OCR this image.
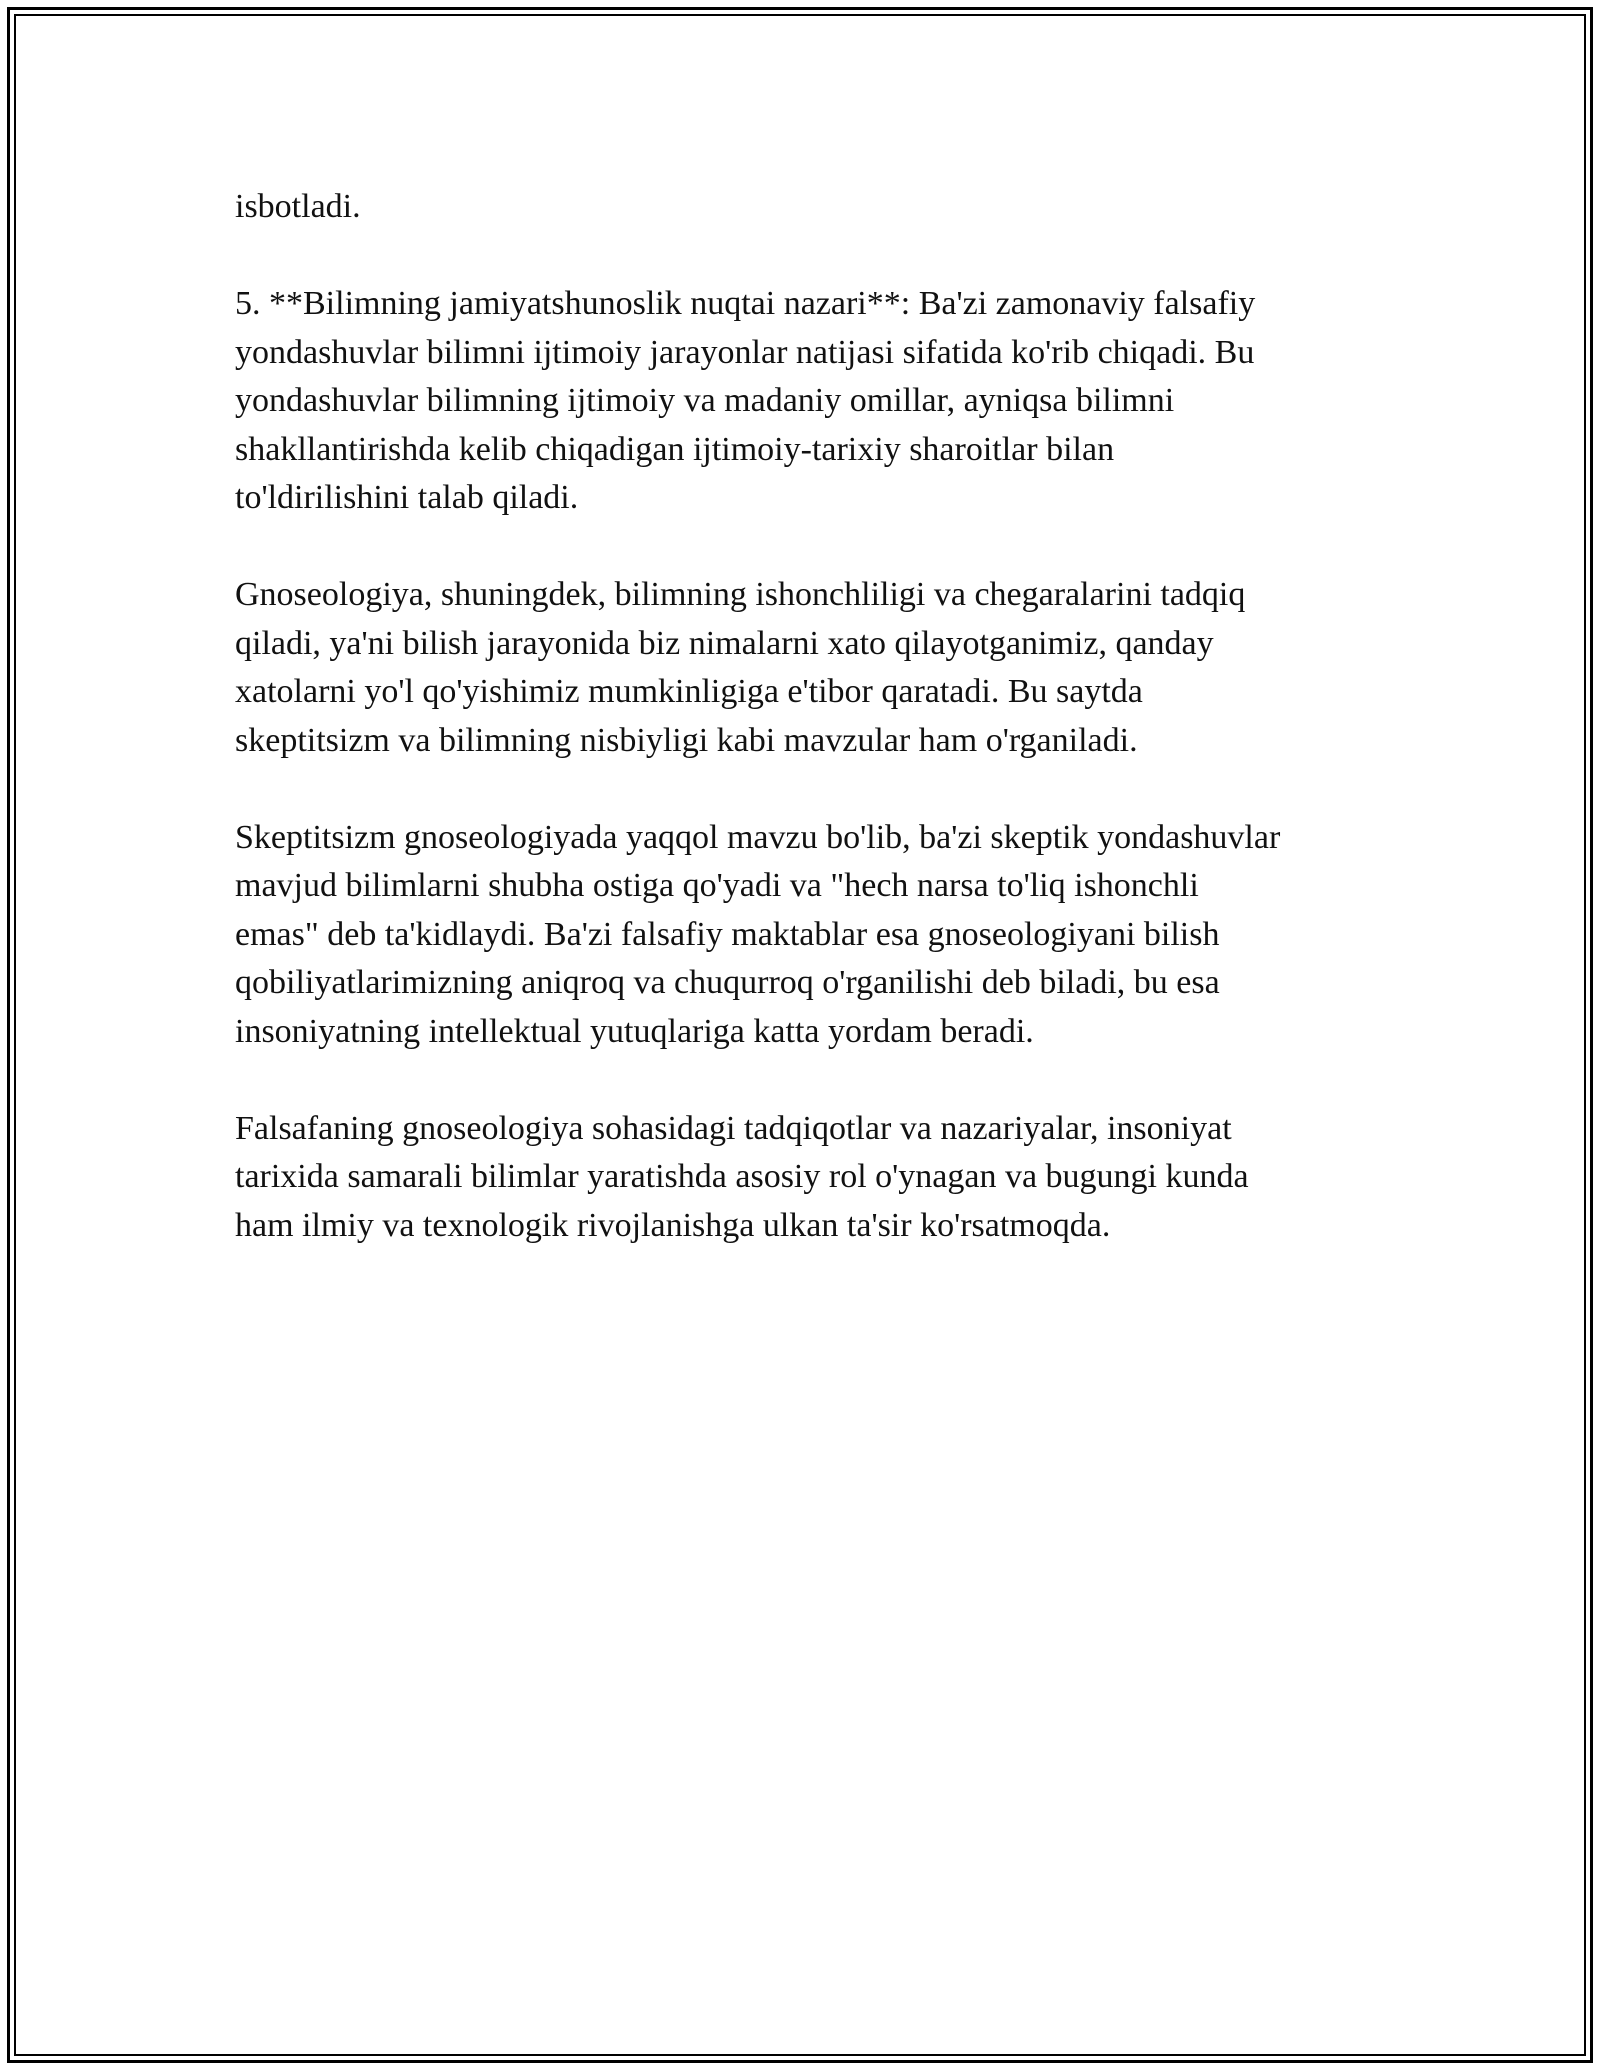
isbotladi.

5. **Bilimning jamiyatshunoslik nuqtai nazari**: Ba'zi zamonaviy falsafiy
yondashuvlar bilimni ijtimoiy jarayonlar natijasi sifatida ko'rib chiqadi. Bu
yondashuvlar bilimning ijtimoiy va madaniy omillar, ayniqsa bilimni
shakllantirishda kelib chiqadigan ijtimoiy-tarixiy sharoitlar bilan
to'ldirilishini talab qiladi.

Gnoseologiya, shuningdek, bilimning ishonchliligi va chegaralarini tadqiq
qiladi, ya'ni bilish jarayonida biz nimalarni xato qilayotganimiz, qanday
xatolarni yo'l qo'yishimiz mumkinligiga e'tibor qaratadi. Bu saytda
skeptitsizm va bilimning nisbiyligi kabi mavzular ham o'rganiladi.

Skeptitsizm gnoseologiyada yaqqol mavzu bo'lib, ba'zi skeptik yondashuvlar
mavjud bilimlarni shubha ostiga qo'yadi va "hech narsa to'liq ishonchli
emas" deb ta'kidlaydi. Ba'zi falsafiy maktablar esa gnoseologiyani bilish
qobiliyatlarimizning aniqroq va chuqurroq o'rganilishi deb biladi, bu esa
insoniyatning intellektual yutuqlariga katta yordam beradi.

Falsafaning gnoseologiya sohasidagi tadqiqotlar va nazariyalar, insoniyat
tarixida samarali bilimlar yaratishda asosiy rol o'ynagan va bugungi kunda
ham ilmiy va texnologik rivojlanishga ulkan ta'sir ko'rsatmoqda.
